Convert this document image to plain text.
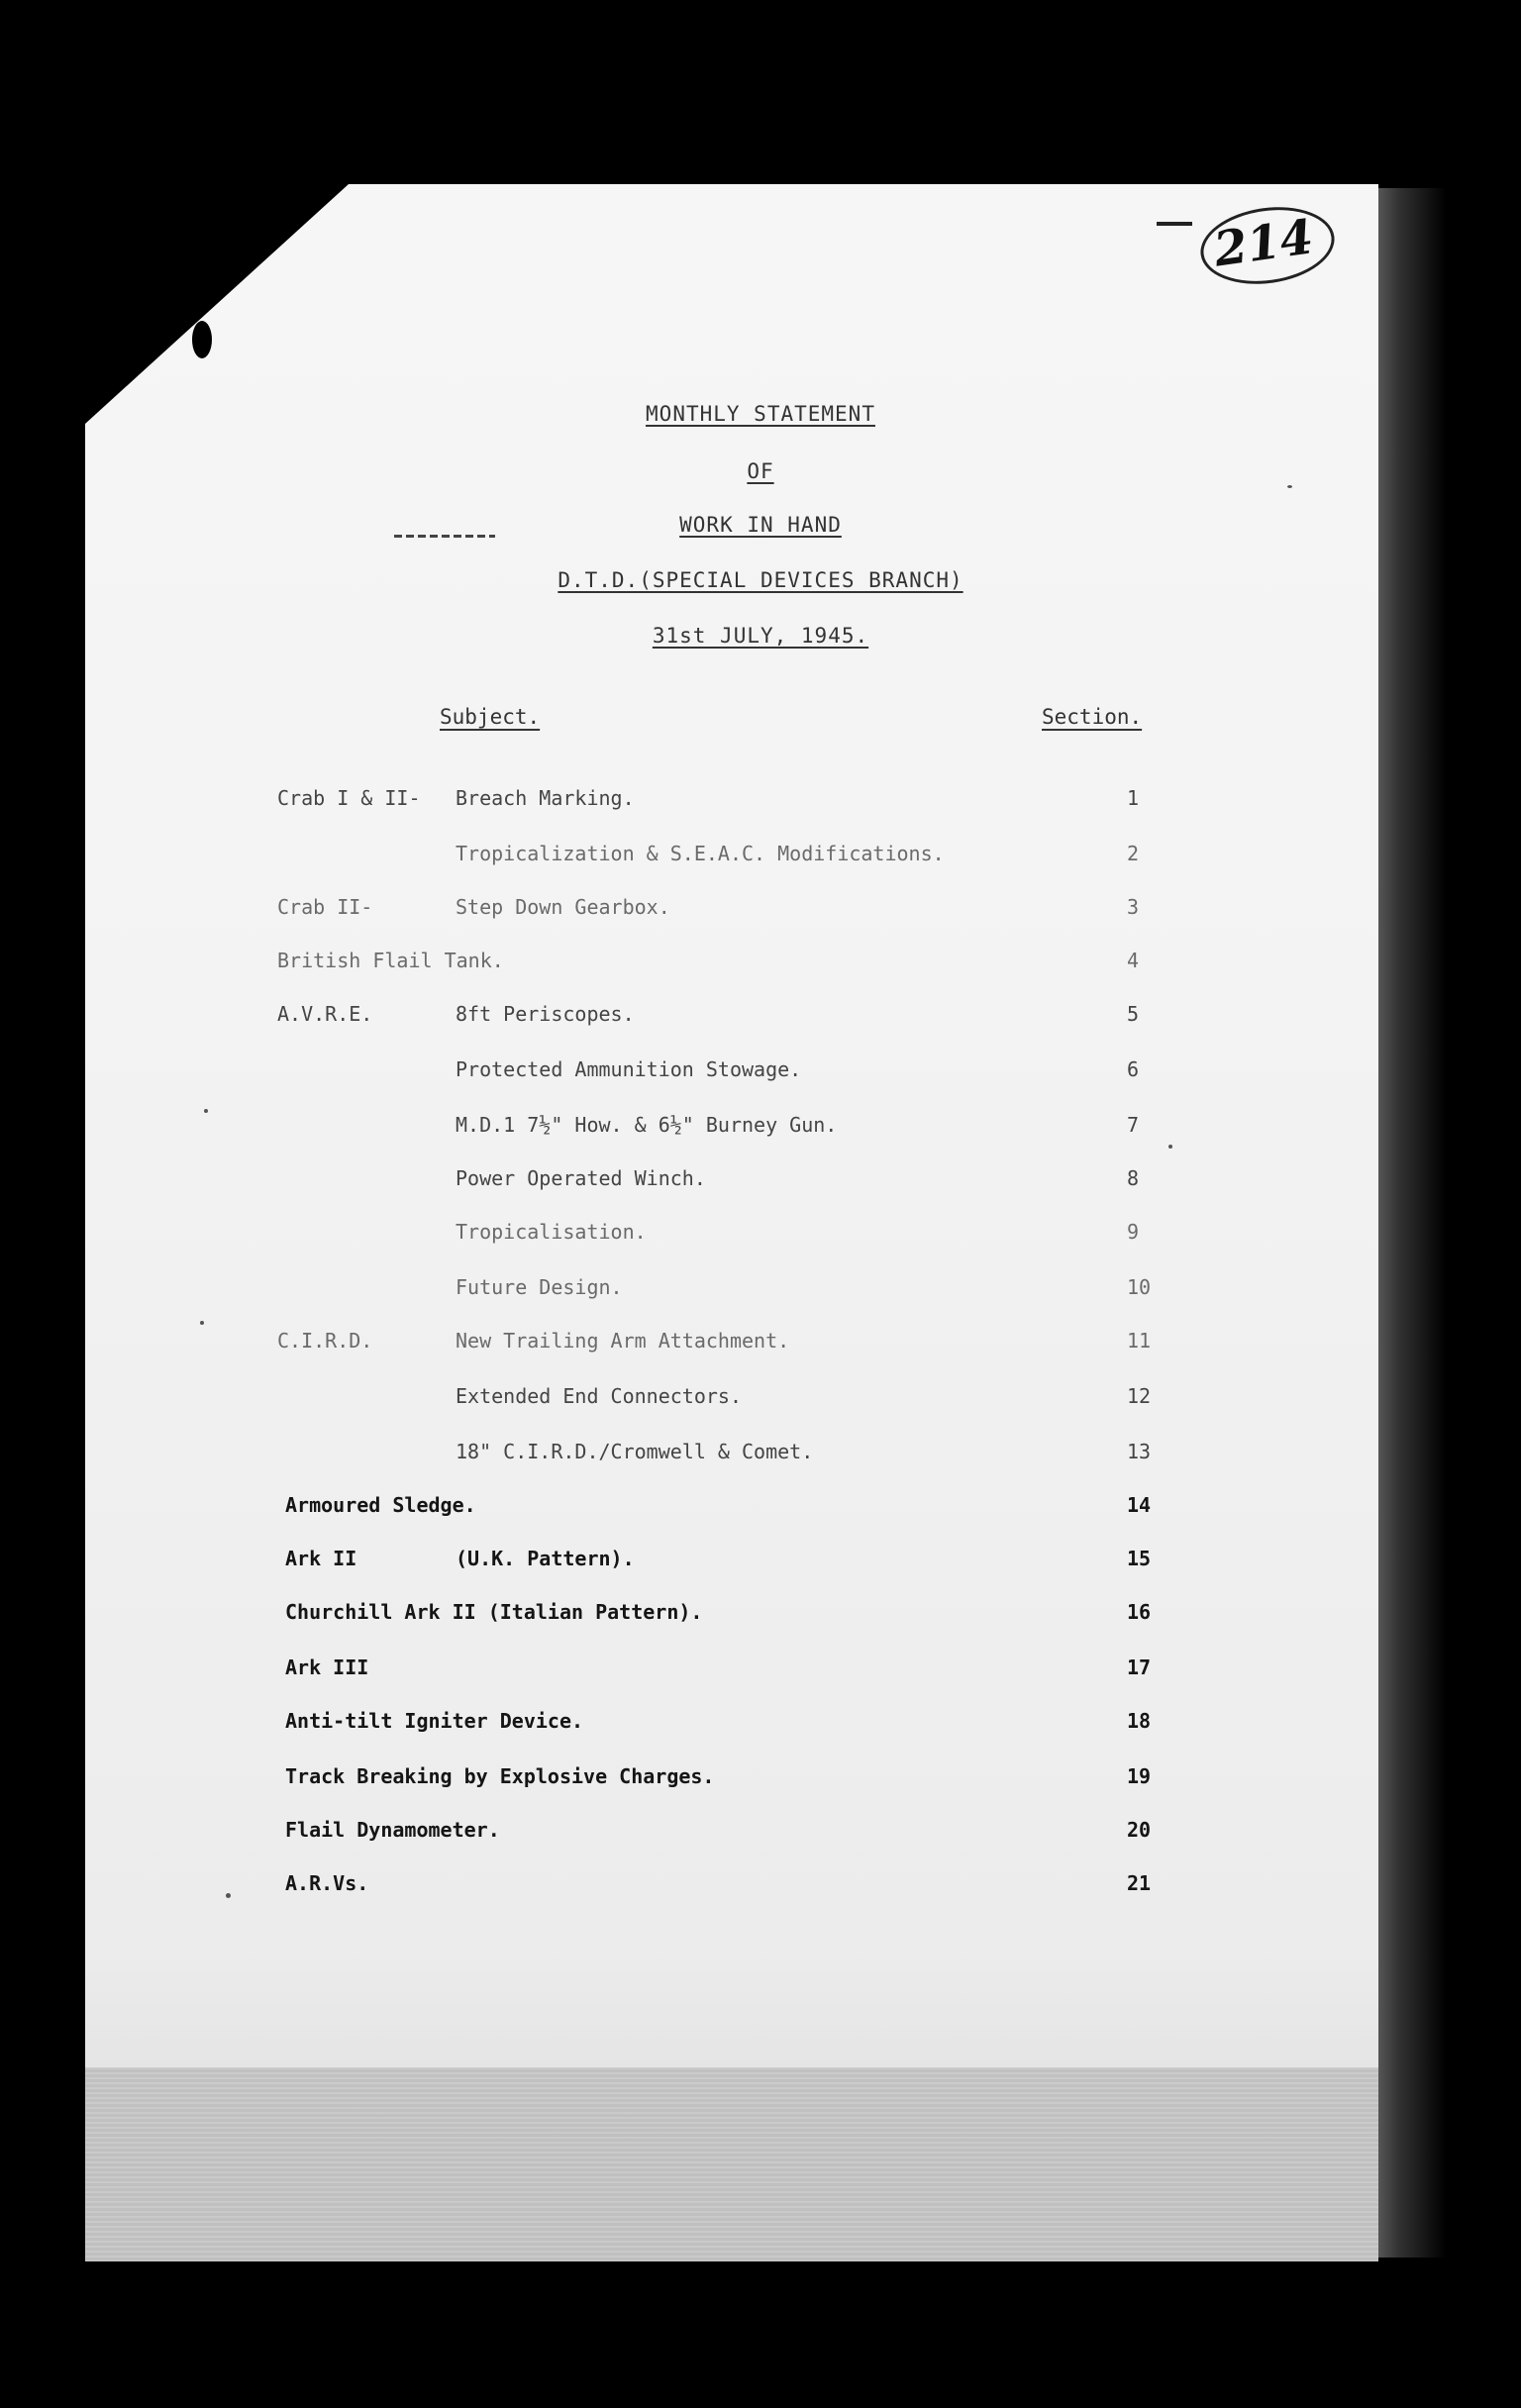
214
MONTHLY STATEMENT
OF
WORK IN HAND
D.T.D.(SPECIAL DEVICES BRANCH)
31st JULY, 1945.
Subject.	Section.
Crab I & II- Breach Marking.	1
Tropicalization & S.E.A.C. Modifications.	2
Crab II-	Step Down Gearbox.	3
British Flail Tank.	4
A.V.R.E.	8ft Periscopes.	5
Protected Ammunition Stowage.	6
M.D.1 7½" How. & 6½" Burney Gun.	7
Power Operated Winch.	8
Tropicalisation.	9
Future Design.	10
C.I.R.D.	New Trailing Arm Attachment.	11
Extended End Connectors.	12
18" C.I.R.D./Cromwell & Comet.	13
Armoured Sledge.	14
Ark II	(U.K. Pattern).	15
Churchill Ark II (Italian Pattern).	16
Ark III	17
Anti-tilt Igniter Device.	18
Track Breaking by Explosive Charges.	19
Flail Dynamometer.	20
A.R.Vs.	21
